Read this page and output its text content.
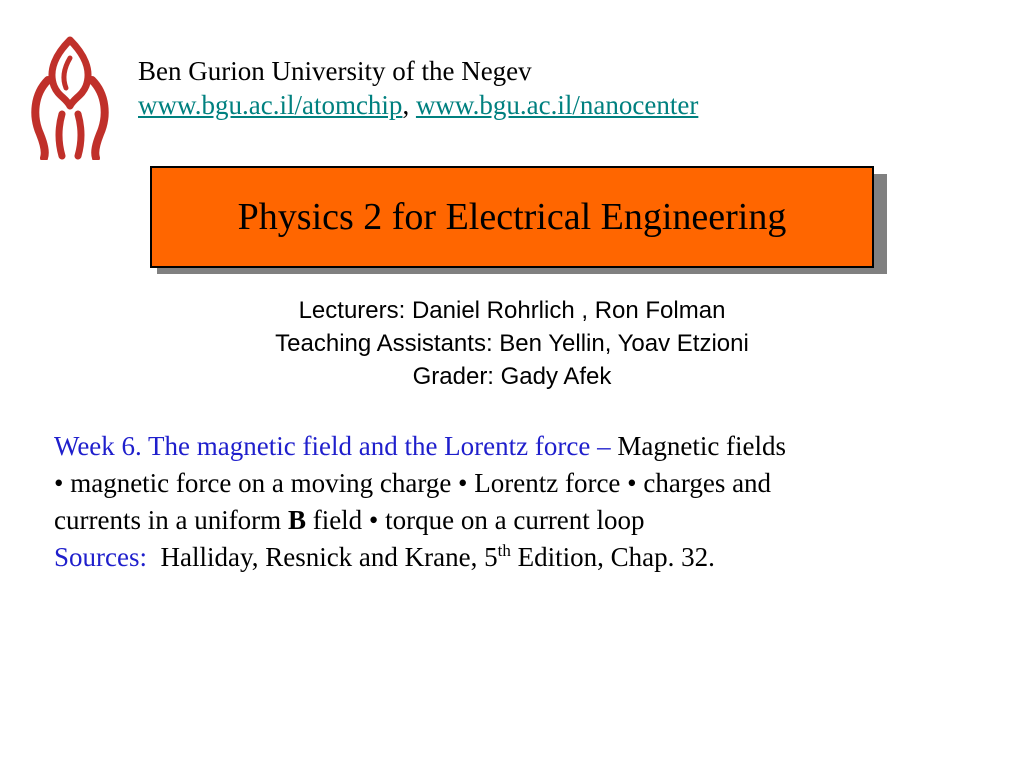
Ben Gurion University of the Negev
www.bgu.ac.il/atomchip, www.bgu.ac.il/nanocenter
Physics 2 for Electrical Engineering
Lecturers: Daniel Rohrlich , Ron Folman
Teaching Assistants: Ben Yellin, Yoav Etzioni
Grader: Gady Afek

Week 6. The magnetic field and the Lorentz force – Magnetic fields

• magnetic force on a moving charge • Lorentz force • charges and

currents in a uniform B field • torque on a current loop

Sources: Halliday, Resnick and Krane, 5th Edition, Chap. 32.
